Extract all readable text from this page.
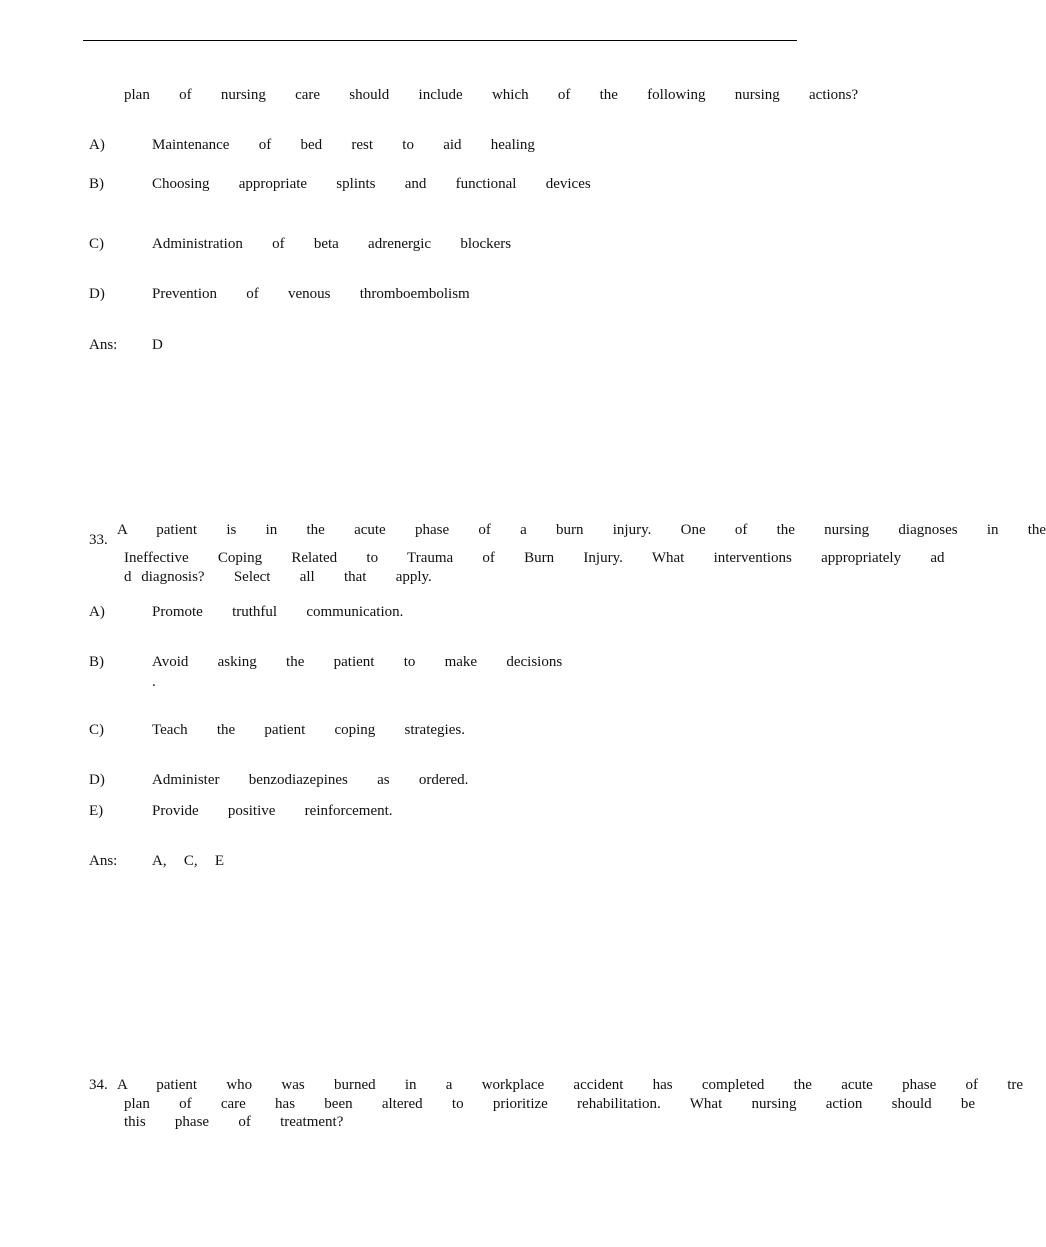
plan   of   nursing   care   should   include   which   of   the   following   nursing   actions?
A)	Maintenance   of   bed   rest   to   aid   healing
B)	Choosing   appropriate   splints   and   functional   devices
C)	Administration   of   beta   adrenergic   blockers
D)	Prevention   of   venous   thromboembolism
Ans: D
33.
A   patient   is   in   the   acute   phase   of   a   burn   injury.   One   of   the   nursing   diagnoses   in   the
Ineffective   Coping   Related   to   Trauma   of   Burn   Injury.   What   interventions   appropriately   ad
d diagnosis?   Select   all   that   apply.
A)	Promote   truthful   communication.
B)	Avoid   asking   the   patient   to   make   decisions
.
C)	Teach   the   patient   coping   strategies.
D)	Administer   benzodiazepines   as   ordered.
E)	Provide   positive   reinforcement.
Ans: A,   C,   E
34. A   patient   who   was   burned   in   a   workplace   accident   has   completed   the   acute   phase   of   tre
plan   of   care   has   been   altered   to   prioritize   rehabilitation.   What   nursing   action   should   be
this   phase   of   treatment?
